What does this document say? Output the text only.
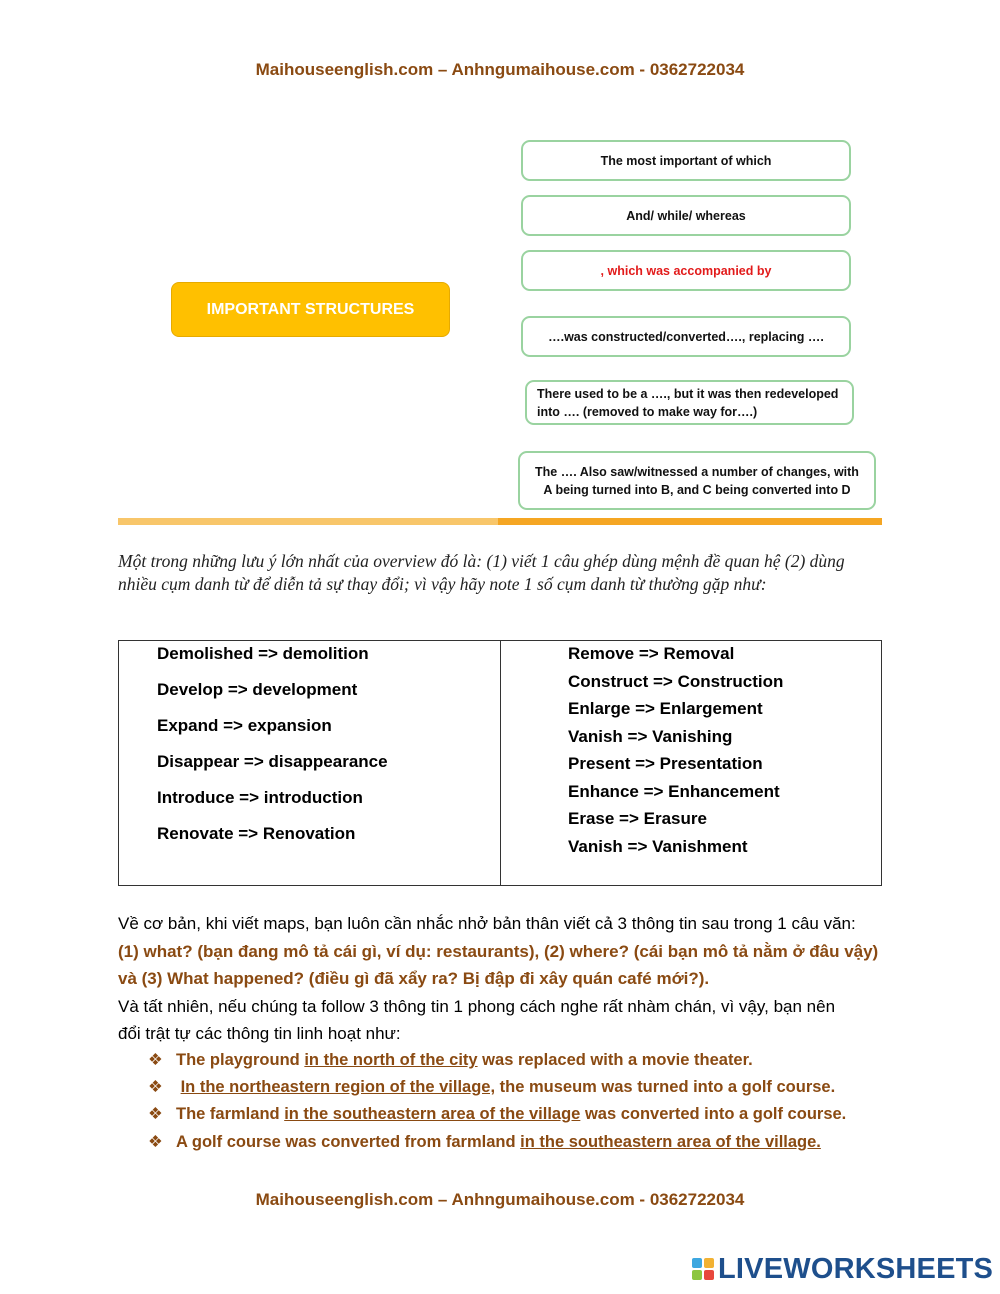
Maihouseenglish.com – Anhngumaihouse.com - 0362722034
The most important of which
And/ while/ whereas
, which was accompanied by
IMPORTANT STRUCTURES
….was constructed/converted…., replacing ….
There used to be a …., but it was then redeveloped into …. (removed to make way for….)
The …. Also saw/witnessed a number of changes, with A being turned into B, and C being converted into D
Một trong những lưu ý lớn nhất của overview đó là: (1) viết 1 câu ghép dùng mệnh đề quan hệ (2) dùng nhiều cụm danh từ để diễn tả sự thay đổi; vì vậy hãy note 1 số cụm danh từ thường gặp như:
Demolished => demolition
Develop => development
Expand => expansion
Disappear => disappearance
Introduce => introduction
Renovate => Renovation
Remove => Removal
Construct => Construction
Enlarge => Enlargement
Vanish => Vanishing
Present => Presentation
Enhance => Enhancement
Erase => Erasure
Vanish => Vanishment
Về cơ bản, khi viết maps, bạn luôn cần nhắc nhở bản thân viết cả 3 thông tin sau trong 1 câu văn:
(1) what? (bạn đang mô tả cái gì, ví dụ: restaurants), (2) where? (cái bạn mô tả nằm ở đâu vậy)
và (3) What happened? (điều gì đã xẩy ra? Bị đập đi xây quán café mới?).
Và tất nhiên, nếu chúng ta follow 3 thông tin 1 phong cách nghe rất nhàm chán, vì vậy, bạn nên
đổi trật tự các thông tin linh hoạt như:
❖ The playground in the north of the city was replaced with a movie theater.
❖ In the northeastern region of the village, the museum was turned into a golf course.
❖ The farmland in the southeastern area of the village was converted into a golf course.
❖ A golf course was converted from farmland in the southeastern area of the village.
Maihouseenglish.com – Anhngumaihouse.com - 0362722034
LIVEWORKSHEETS
